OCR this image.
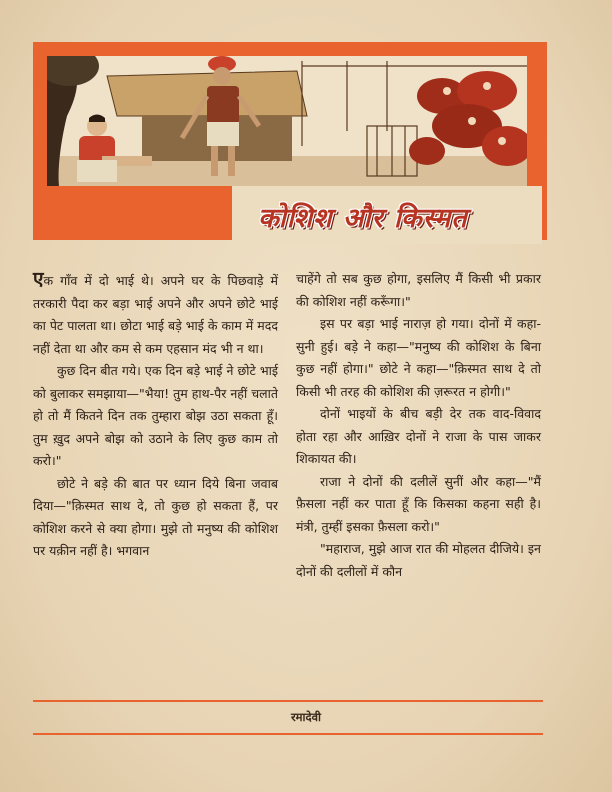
कोशिश और किस्मत

एक गाँव में दो भाई थे। अपने घर के पिछवाड़े में तरकारी पैदा कर बड़ा भाई अपने और अपने छोटे भाई का पेट पालता था। छोटा भाई बड़े भाई के काम में मदद नहीं देता था और कम से कम एहसान मंद भी न था।

कुछ दिन बीत गये। एक दिन बड़े भाई ने छोटे भाई को बुलाकर समझाया—"भैया! तुम हाथ-पैर नहीं चलाते हो तो मैं कितने दिन तक तुम्हारा बोझ उठा सकता हूँ। तुम ख़ुद अपने बोझ को उठाने के लिए कुछ काम तो करो।"

छोटे ने बड़े की बात पर ध्यान दिये बिना जवाब दिया—"क़िस्मत साथ दे, तो कुछ हो सकता हैं, पर कोशिश करने से क्या होगा। मुझे तो मनुष्य की कोशिश पर यक़ीन नहीं है। भगवान

चाहेंगे तो सब कुछ होगा, इसलिए मैं किसी भी प्रकार की कोशिश नहीं करूँगा।"

इस पर बड़ा भाई नाराज़ हो गया। दोनों में कहा-सुनी हुई। बड़े ने कहा—"मनुष्य की कोशिश के बिना कुछ नहीं होगा।" छोटे ने कहा—"क़िस्मत साथ दे तो किसी भी तरह की कोशिश की ज़रूरत न होगी।"

दोनों भाइयों के बीच बड़ी देर तक वाद-विवाद होता रहा और आख़िर दोनों ने राजा के पास जाकर शिकायत की।

राजा ने दोनों की दलीलें सुनीं और कहा—"मैं फ़ैसला नहीं कर पाता हूँ कि किसका कहना सही है। मंत्री, तुम्हीं इसका फ़ैसला करो।"

"महाराज, मुझे आज रात की मोहलत दीजिये। इन दोनों की दलीलों में कौन

रमादेवी
